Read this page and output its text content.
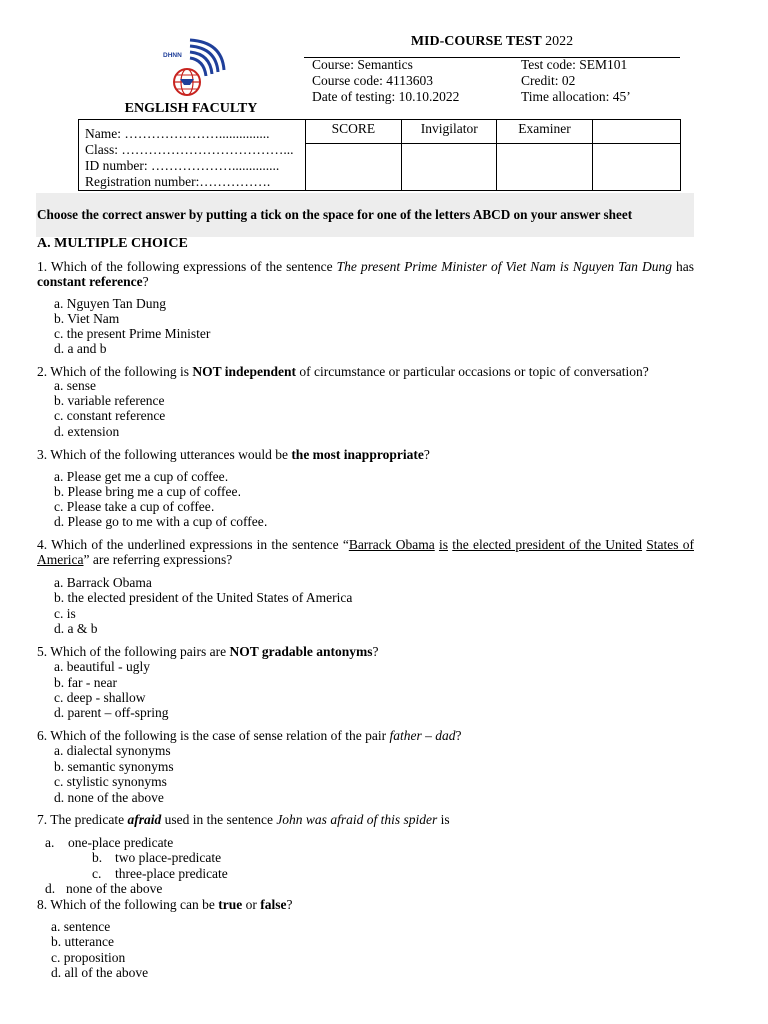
DHNN
ENGLISH FACULTY
MID-COURSE TEST 2022
Course: Semantics	Test code: SEM101
Course code: 4113603	Credit: 02
Date of testing: 10.10.2022	Time allocation: 45’
Name: …………………...............
Class: ………………………………...
ID number: ………………..............
Registration number:…………….	SCORE	Invigilator	Examiner	

Choose the correct answer by putting a tick on the space for one of the letters ABCD on your answer sheet
A. MULTIPLE CHOICE
1. Which of the following expressions of the sentence The present Prime Minister of Viet Nam is Nguyen Tan Dung has constant reference?
a. Nguyen Tan Dung
b. Viet Nam
c. the present Prime Minister
d. a and b
2. Which of the following is NOT independent of circumstance or particular occasions or topic of conversation?
a. sense
b. variable reference
c. constant reference
d. extension
3. Which of the following utterances would be the most inappropriate?
a. Please get me a cup of coffee.
b. Please bring me a cup of coffee.
c. Please take a cup of coffee.
d. Please go to me with a cup of coffee.
4. Which of the underlined expressions in the sentence “Barrack Obama is the elected president of the United States of America” are referring expressions?
a. Barrack Obama
b. the elected president of the United States of America
c. is
d. a & b
5. Which of the following pairs are NOT gradable antonyms?
a. beautiful - ugly
b. far - near
c. deep - shallow
d. parent – off-spring
6. Which of the following is the case of sense relation of the pair father – dad?
a. dialectal synonyms
b. semantic synonyms
c. stylistic synonyms
d. none of the above
7. The predicate afraid used in the sentence John was afraid of this spider is
a. one-place predicate
b. two place-predicate
c. three-place predicate
d. none of the above
8. Which of the following can be true or false?
a. sentence
b. utterance
c. proposition
d. all of the above
